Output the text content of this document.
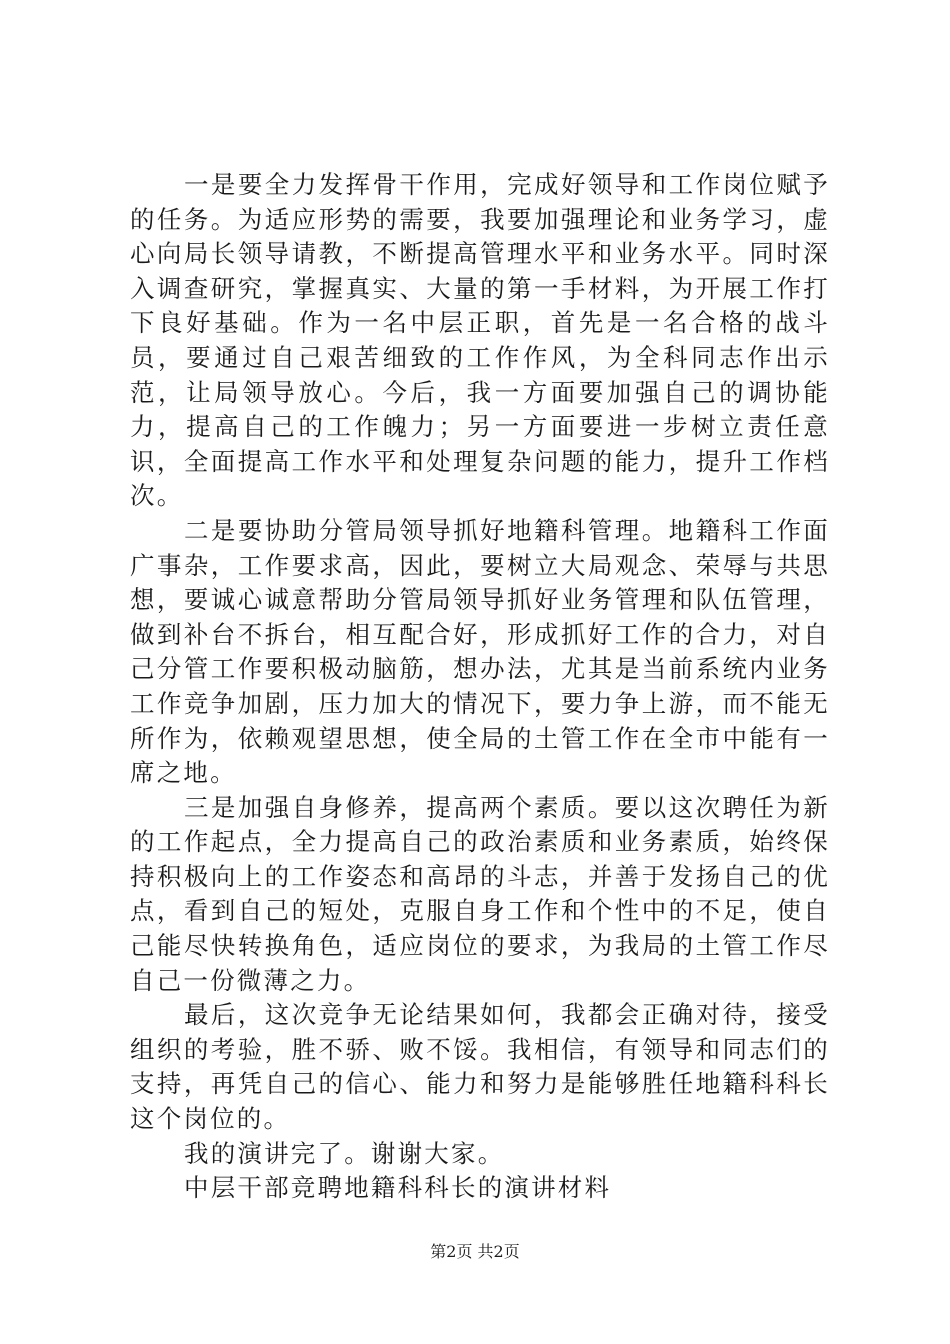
一是要全力发挥骨干作用，完成好领导和工作岗位赋予的任务。为适应形势的需要，我要加强理论和业务学习，虚心向局长领导请教，不断提高管理水平和业务水平。同时深入调查研究，掌握真实、大量的第一手材料，为开展工作打下良好基础。作为一名中层正职，首先是一名合格的战斗员，要通过自己艰苦细致的工作作风，为全科同志作出示范，让局领导放心。今后，我一方面要加强自己的调协能力，提高自己的工作魄力；另一方面要进一步树立责任意识，全面提高工作水平和处理复杂问题的能力，提升工作档次。

二是要协助分管局领导抓好地籍科管理。地籍科工作面广事杂，工作要求高，因此，要树立大局观念、荣辱与共思想，要诚心诚意帮助分管局领导抓好业务管理和队伍管理，做到补台不拆台，相互配合好，形成抓好工作的合力，对自己分管工作要积极动脑筋，想办法，尤其是当前系统内业务工作竞争加剧，压力加大的情况下，要力争上游，而不能无所作为，依赖观望思想，使全局的土管工作在全市中能有一席之地。

三是加强自身修养，提高两个素质。要以这次聘任为新的工作起点，全力提高自己的政治素质和业务素质，始终保持积极向上的工作姿态和高昂的斗志，并善于发扬自己的优点，看到自己的短处，克服自身工作和个性中的不足，使自己能尽快转换角色，适应岗位的要求，为我局的土管工作尽自己一份微薄之力。

最后，这次竞争无论结果如何，我都会正确对待，接受组织的考验，胜不骄、败不馁。我相信，有领导和同志们的支持，再凭自己的信心、能力和努力是能够胜任地籍科科长这个岗位的。

我的演讲完了。谢谢大家。

中层干部竞聘地籍科科长的演讲材料

第2页 共2页
